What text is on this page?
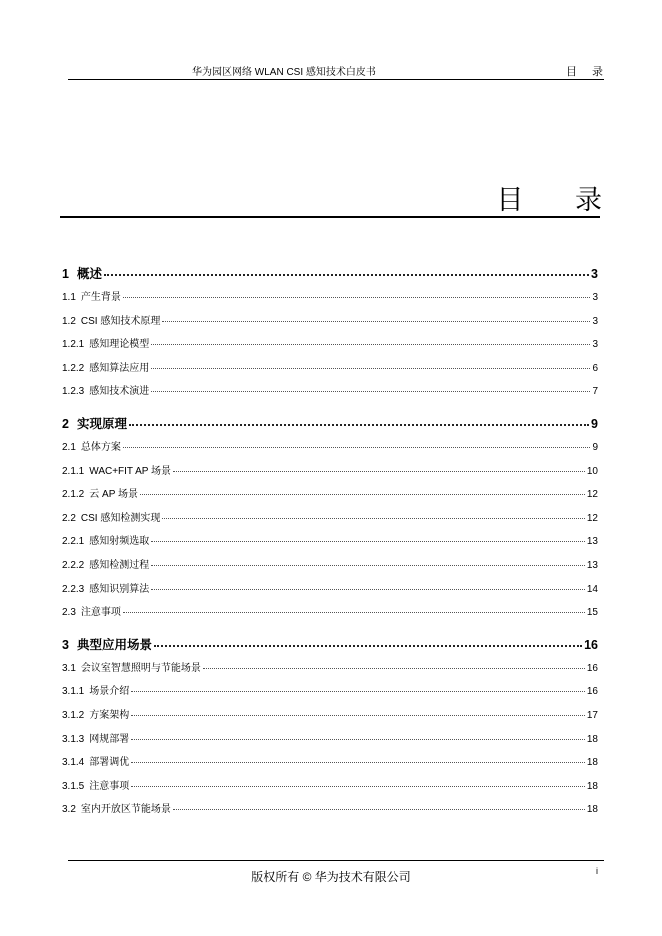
华为园区网络 WLAN CSI 感知技术白皮书	目 录
目 录
1 概述	3
1.1 产生背景	3
1.2 CSI 感知技术原理	3
1.2.1 感知理论模型	3
1.2.2 感知算法应用	6
1.2.3 感知技术演进	7
2 实现原理	9
2.1 总体方案	9
2.1.1 WAC+FIT AP 场景	10
2.1.2 云 AP 场景	12
2.2 CSI 感知检测实现	12
2.2.1 感知射频选取	13
2.2.2 感知检测过程	13
2.2.3 感知识别算法	14
2.3 注意事项	15
3 典型应用场景	16
3.1 会议室智慧照明与节能场景	16
3.1.1 场景介绍	16
3.1.2 方案架构	17
3.1.3 网规部署	18
3.1.4 部署调优	18
3.1.5 注意事项	18
3.2 室内开放区节能场景	18
版权所有 © 华为技术有限公司	i
